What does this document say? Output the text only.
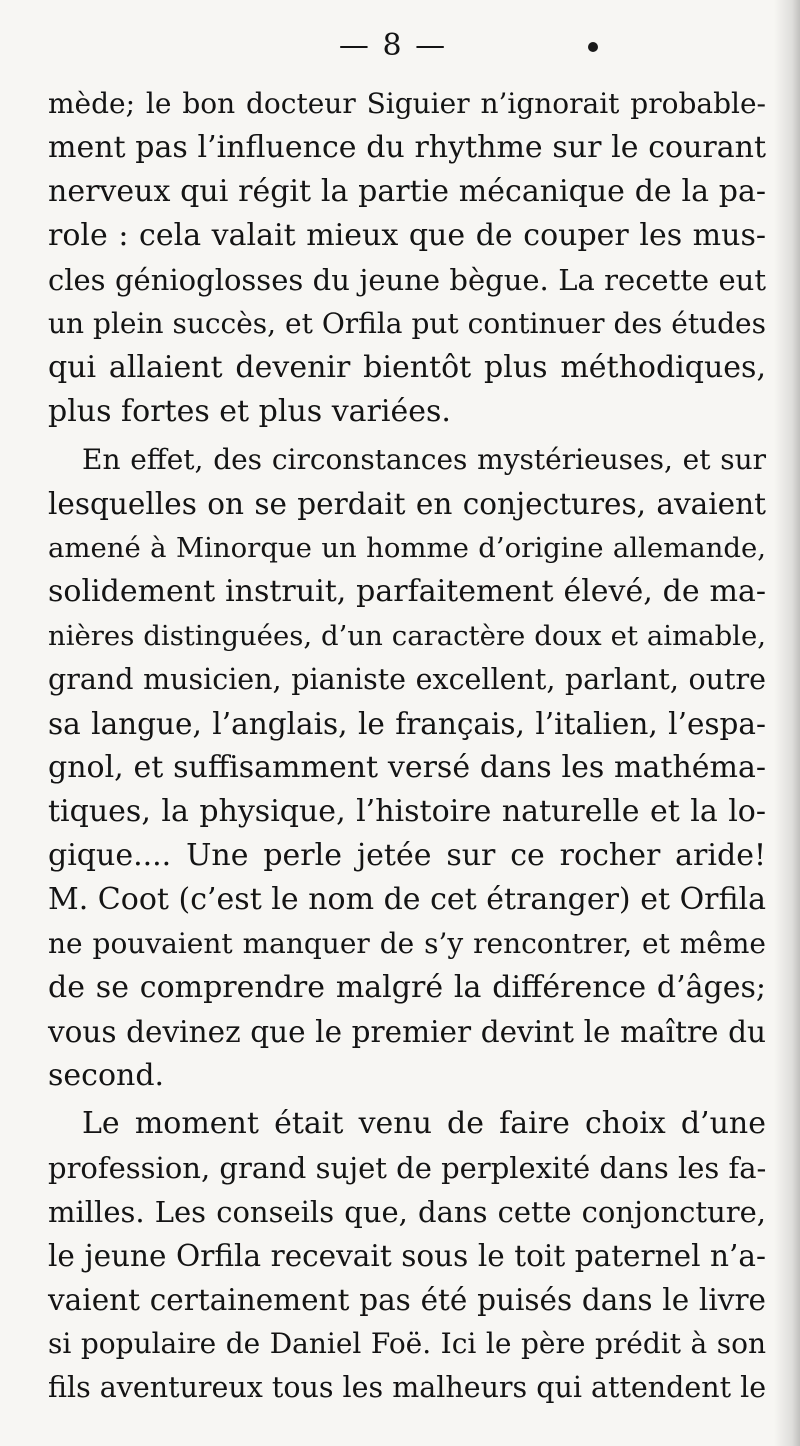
— 8 —
mède; le bon docteur Siguier n’ignorait probable-
ment pas l’influence du rhythme sur le courant
nerveux qui régit la partie mécanique de la pa-
role : cela valait mieux que de couper les mus-
cles génioglosses du jeune bègue. La recette eut
un plein succès, et Orfila put continuer des études
qui allaient devenir bientôt plus méthodiques,
plus fortes et plus variées.
En effet, des circonstances mystérieuses, et sur
lesquelles on se perdait en conjectures, avaient
amené à Minorque un homme d’origine allemande,
solidement instruit, parfaitement élevé, de ma-
nières distinguées, d’un caractère doux et aimable,
grand musicien, pianiste excellent, parlant, outre
sa langue, l’anglais, le français, l’italien, l’espa-
gnol, et suffisamment versé dans les mathéma-
tiques, la physique, l’histoire naturelle et la lo-
gique.... Une perle jetée sur ce rocher aride!
M. Coot (c’est le nom de cet étranger) et Orfila
ne pouvaient manquer de s’y rencontrer, et même
de se comprendre malgré la différence d’âges;
vous devinez que le premier devint le maître du
second.
Le moment était venu de faire choix d’une
profession, grand sujet de perplexité dans les fa-
milles. Les conseils que, dans cette conjoncture,
le jeune Orfila recevait sous le toit paternel n’a-
vaient certainement pas été puisés dans le livre
si populaire de Daniel Foë. Ici le père prédit à son
fils aventureux tous les malheurs qui attendent le
